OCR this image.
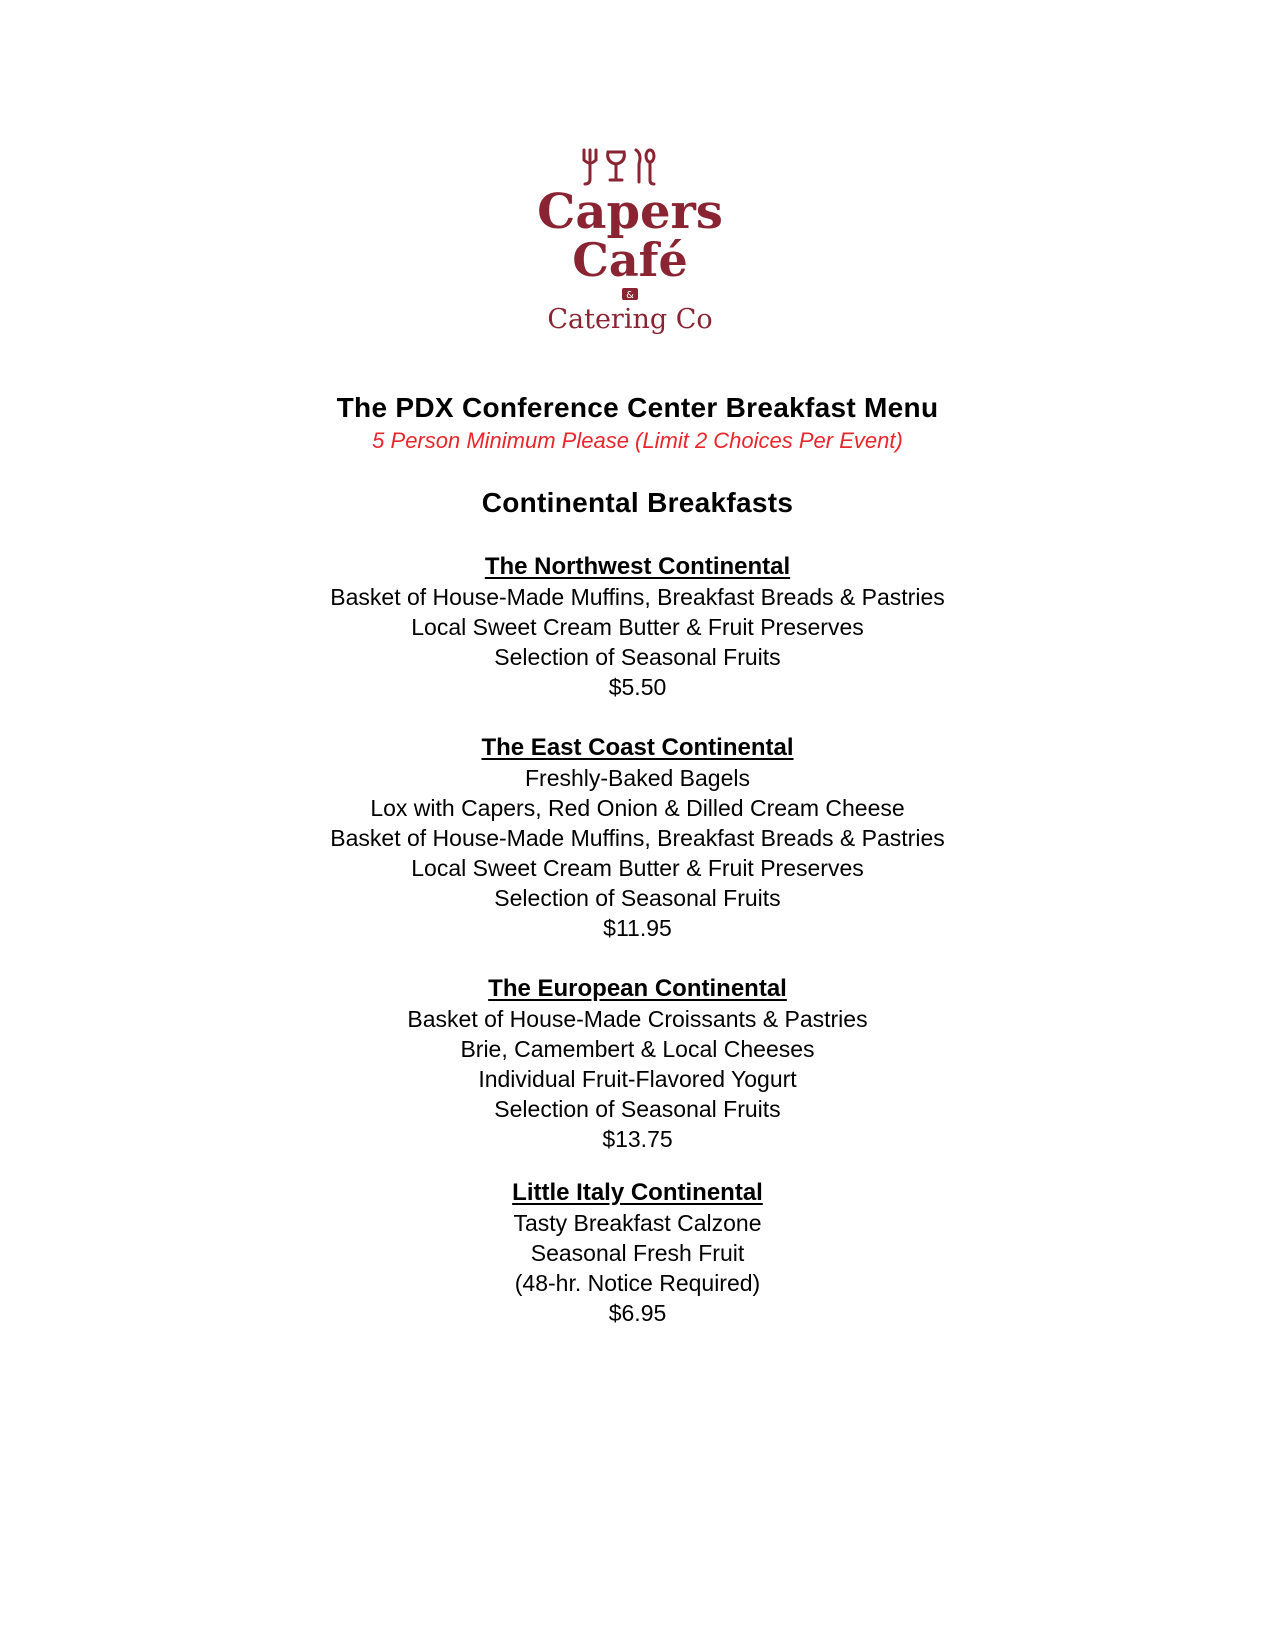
Capers
Café
&
Catering Co
The PDX Conference Center Breakfast Menu
5 Person Minimum Please (Limit 2 Choices Per Event)
Continental Breakfasts
The Northwest Continental
Basket of House-Made Muffins, Breakfast Breads & Pastries
Local Sweet Cream Butter & Fruit Preserves
Selection of Seasonal Fruits
$5.50
The East Coast Continental
Freshly-Baked Bagels
Lox with Capers, Red Onion & Dilled Cream Cheese
Basket of House-Made Muffins, Breakfast Breads & Pastries
Local Sweet Cream Butter & Fruit Preserves
Selection of Seasonal Fruits
$11.95
The European Continental
Basket of House-Made Croissants & Pastries
Brie, Camembert & Local Cheeses
Individual Fruit-Flavored Yogurt
Selection of Seasonal Fruits
$13.75
Little Italy Continental
Tasty Breakfast Calzone
Seasonal Fresh Fruit
(48-hr. Notice Required)
$6.95
